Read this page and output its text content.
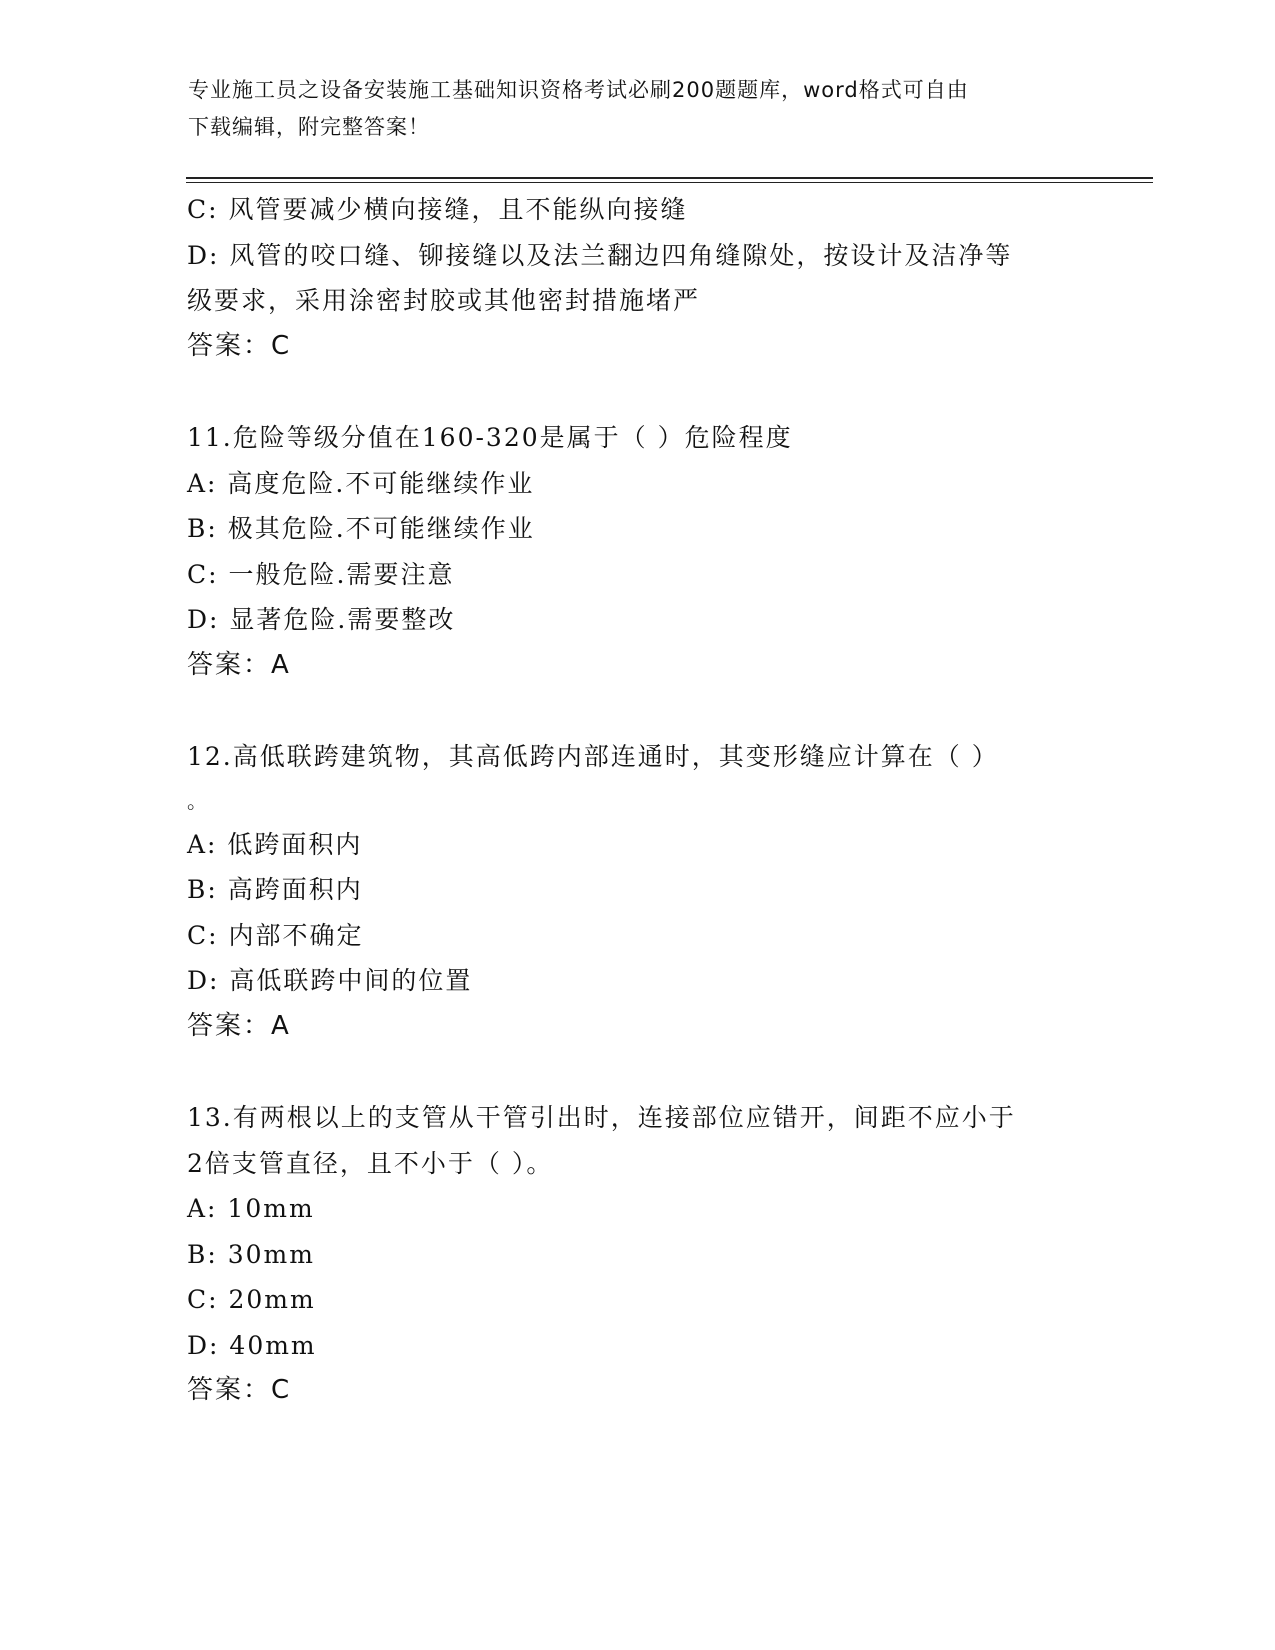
专业施工员之设备安装施工基础知识资格考试必刷200题题库，word格式可自由
下载编辑，附完整答案！
C: 风管要减少横向接缝，且不能纵向接缝
D: 风管的咬口缝、铆接缝以及法兰翻边四角缝隙处，按设计及洁净等
级要求，采用涂密封胶或其他密封措施堵严
答案：C
11.危险等级分值在160-320是属于（ ）危险程度
A: 高度危险.不可能继续作业
B: 极其危险.不可能继续作业
C: 一般危险.需要注意
D: 显著危险.需要整改
答案：A
12.高低联跨建筑物，其高低跨内部连通时，其变形缝应计算在（ ）
。
A: 低跨面积内
B: 高跨面积内
C: 内部不确定
D: 高低联跨中间的位置
答案：A
13.有两根以上的支管从干管引出时，连接部位应错开，间距不应小于
2倍支管直径，且不小于（ ）。
A: 10mm
B: 30mm
C: 20mm
D: 40mm
答案：C
